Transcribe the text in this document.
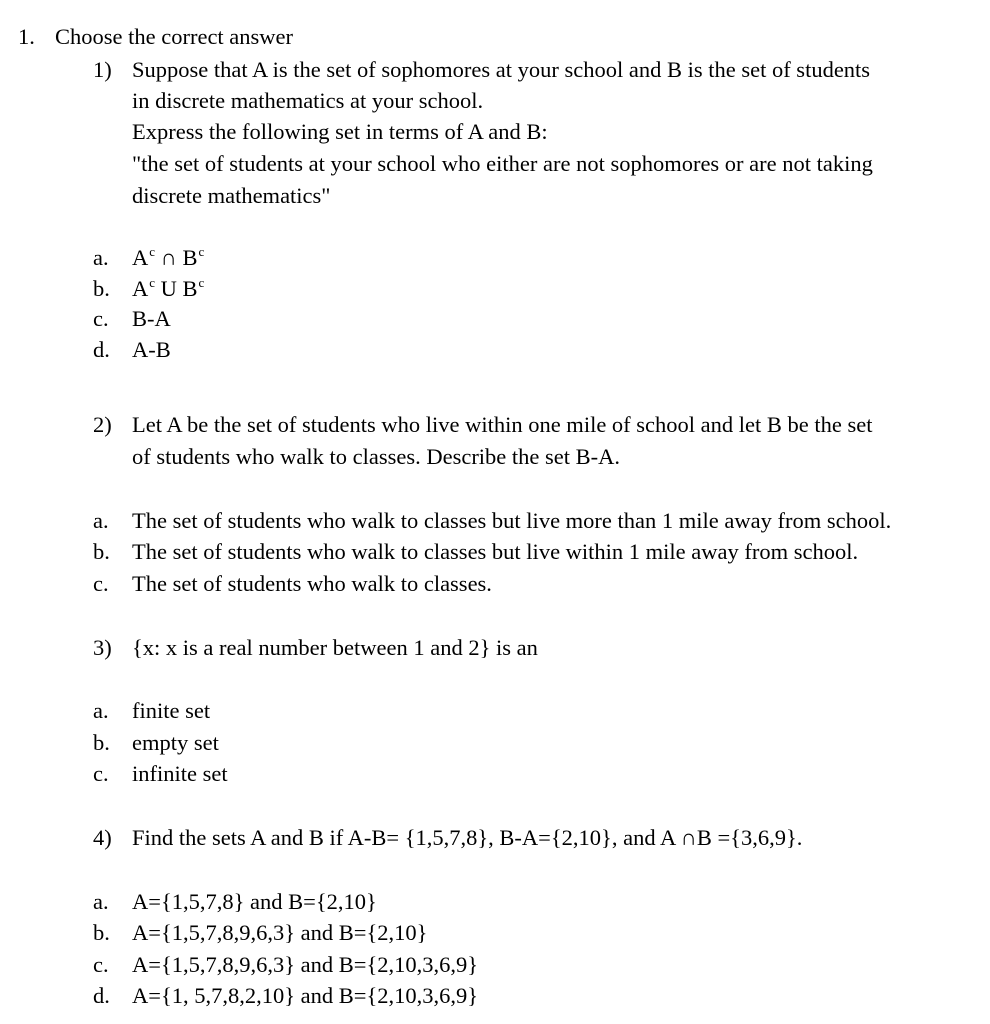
1. Choose the correct answer
1) Suppose that A is the set of sophomores at your school and B is the set of students
in discrete mathematics at your school.
Express the following set in terms of A and B:
"the set of students at your school who either are not sophomores or are not taking
discrete mathematics"
a. $A^c$ ∩ $B^c$
b. $A^c$ U $B^c$
c. B-A
d. A-B
2) Let A be the set of students who live within one mile of school and let B be the set
of students who walk to classes. Describe the set B-A.
a. The set of students who walk to classes but live more than 1 mile away from school.
b. The set of students who walk to classes but live within 1 mile away from school.
c. The set of students who walk to classes.
3) {x: x is a real number between 1 and 2} is an
a. finite set
b. empty set
c. infinite set
4) Find the sets A and B if A-B= {1,5,7,8}, B-A={2,10}, and A ∩B ={3,6,9}.
a. A={1,5,7,8} and B={2,10}
b. A={1,5,7,8,9,6,3} and B={2,10}
c. A={1,5,7,8,9,6,3} and B={2,10,3,6,9}
d. A={1, 5,7,8,2,10} and B={2,10,3,6,9}
